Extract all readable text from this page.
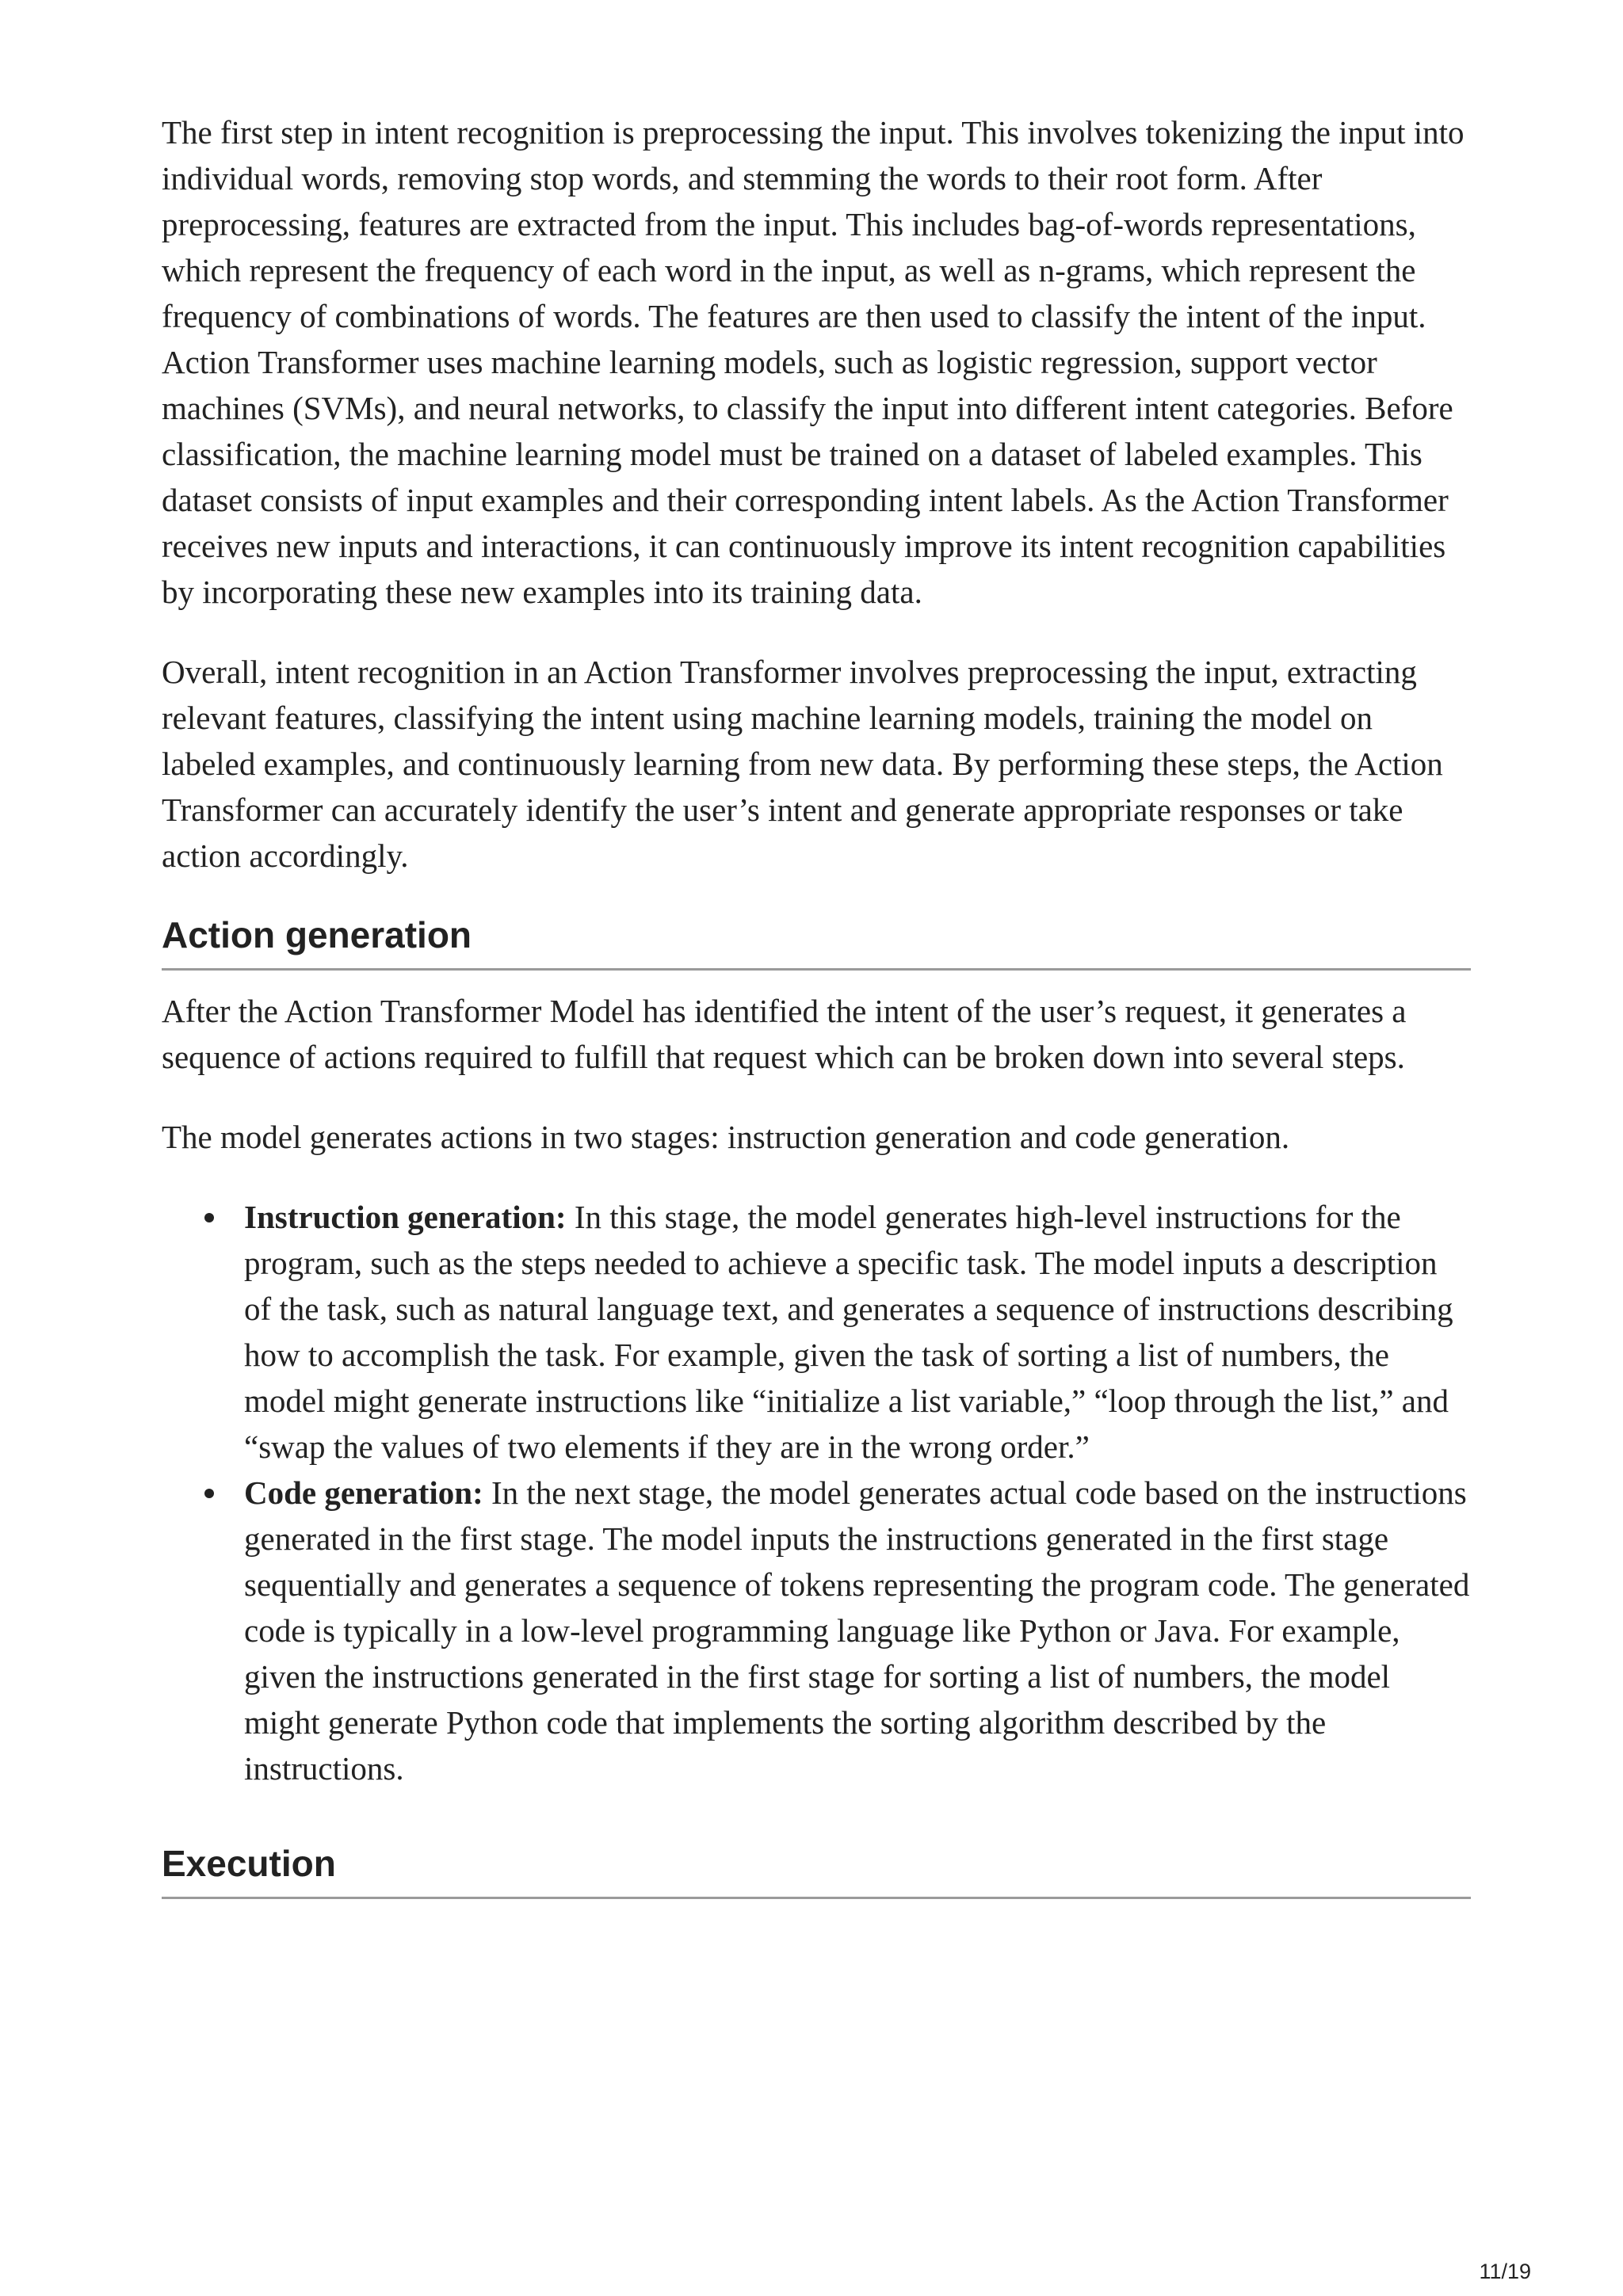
The first step in intent recognition is preprocessing the input. This involves tokenizing the input into individual words, removing stop words, and stemming the words to their root form. After preprocessing, features are extracted from the input. This includes bag-of-words representations, which represent the frequency of each word in the input, as well as n-grams, which represent the frequency of combinations of words. The features are then used to classify the intent of the input. Action Transformer uses machine learning models, such as logistic regression, support vector machines (SVMs), and neural networks, to classify the input into different intent categories. Before classification, the machine learning model must be trained on a dataset of labeled examples. This dataset consists of input examples and their corresponding intent labels. As the Action Transformer receives new inputs and interactions, it can continuously improve its intent recognition capabilities by incorporating these new examples into its training data.

Overall, intent recognition in an Action Transformer involves preprocessing the input, extracting relevant features, classifying the intent using machine learning models, training the model on labeled examples, and continuously learning from new data. By performing these steps, the Action Transformer can accurately identify the user’s intent and generate appropriate responses or take action accordingly.

Action generation

After the Action Transformer Model has identified the intent of the user’s request, it generates a sequence of actions required to fulfill that request which can be broken down into several steps.

The model generates actions in two stages: instruction generation and code generation.

Instruction generation: In this stage, the model generates high-level instructions for the program, such as the steps needed to achieve a specific task. The model inputs a description of the task, such as natural language text, and generates a sequence of instructions describing how to accomplish the task. For example, given the task of sorting a list of numbers, the model might generate instructions like “initialize a list variable,” “loop through the list,” and “swap the values of two elements if they are in the wrong order.”
Code generation: In the next stage, the model generates actual code based on the instructions generated in the first stage. The model inputs the instructions generated in the first stage sequentially and generates a sequence of tokens representing the program code. The generated code is typically in a low-level programming language like Python or Java. For example, given the instructions generated in the first stage for sorting a list of numbers, the model might generate Python code that implements the sorting algorithm described by the instructions.
Execution
11/19
